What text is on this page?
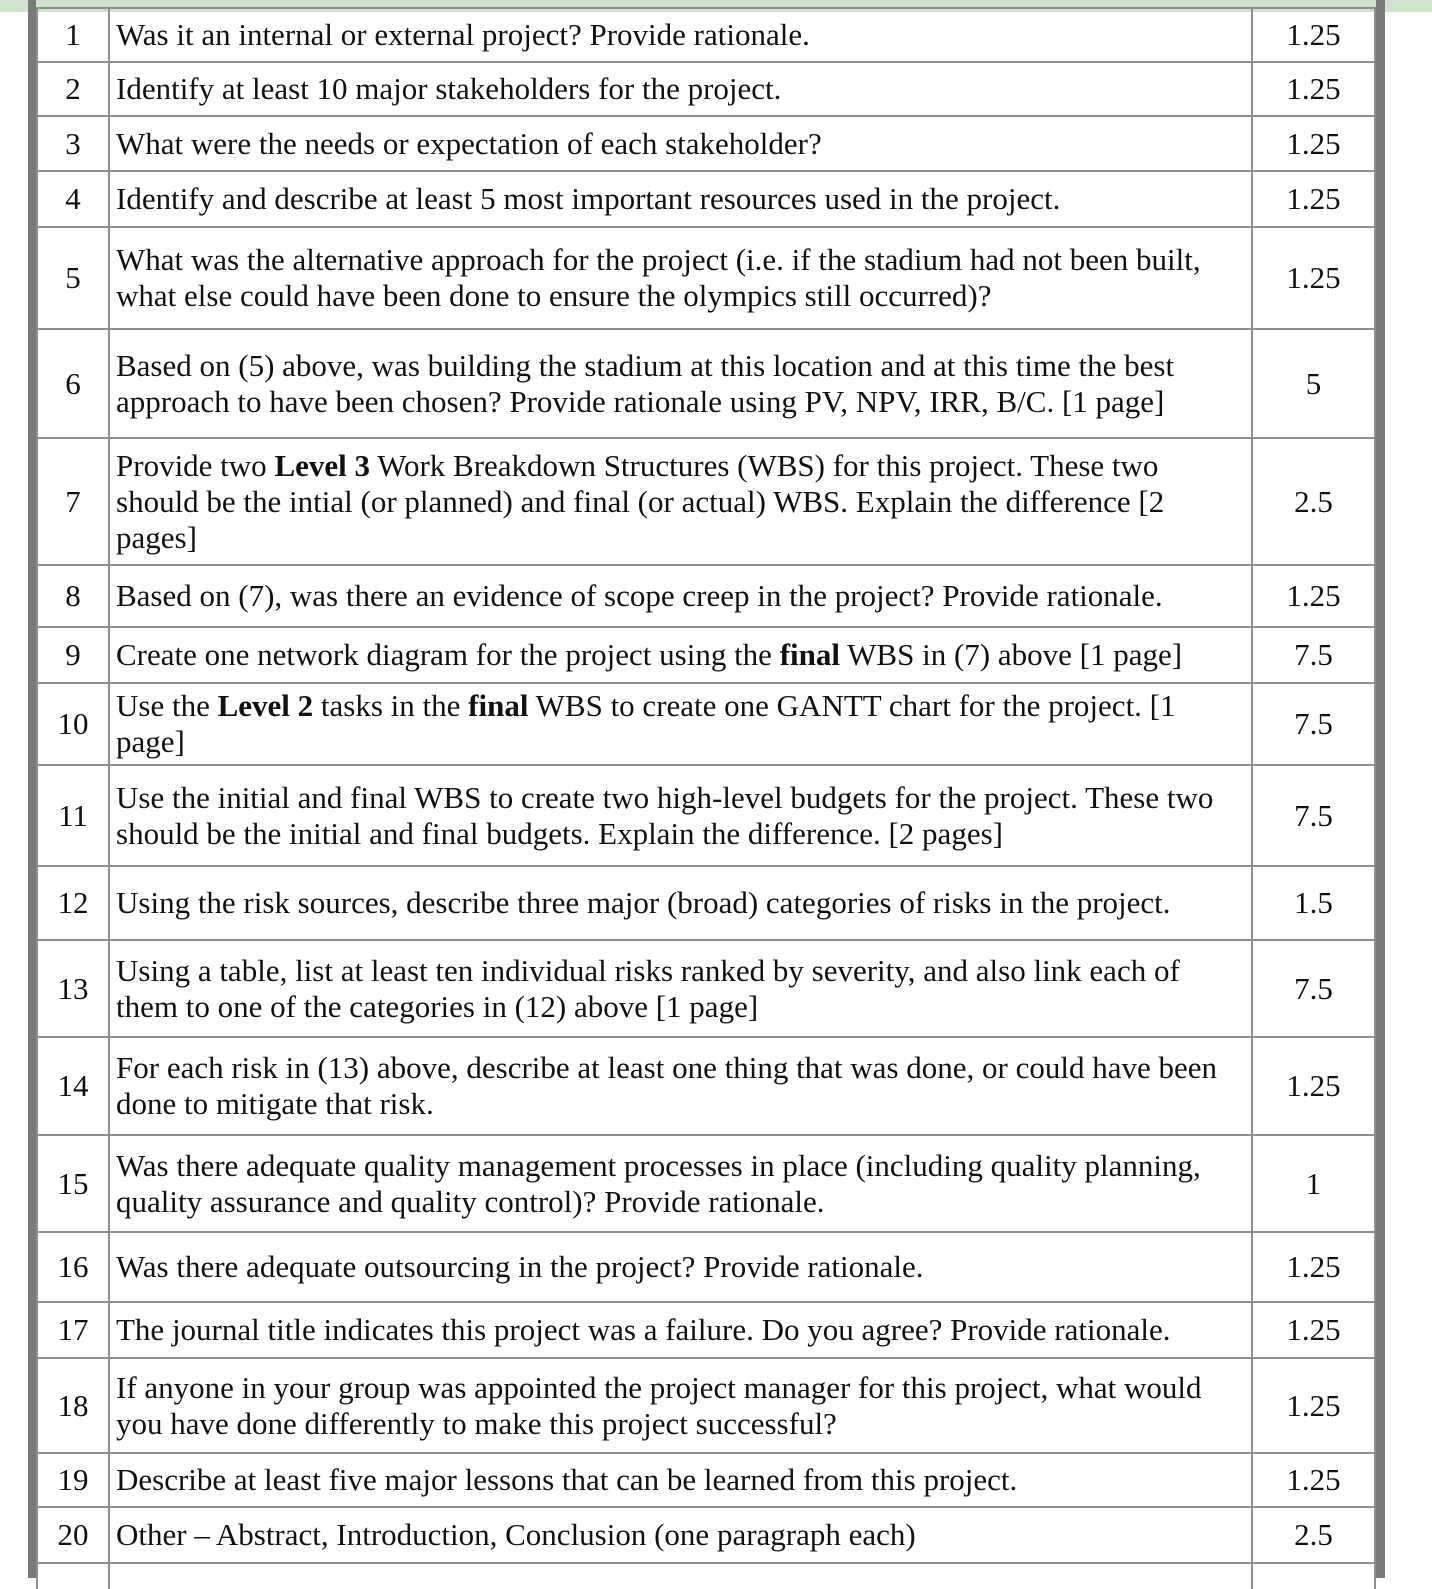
1	Was it an internal or external project? Provide rationale.	1.25
2	Identify at least 10 major stakeholders for the project.	1.25
3	What were the needs or expectation of each stakeholder?	1.25
4	Identify and describe at least 5 most important resources used in the project.	1.25
5	What was the alternative approach for the project (i.e. if the stadium had not been built, what else could have been done to ensure the olympics still occurred)?	1.25
6	Based on (5) above, was building the stadium at this location and at this time the best approach to have been chosen? Provide rationale using PV, NPV, IRR, B/C. [1 page]	5
7	Provide two Level 3 Work Breakdown Structures (WBS) for this project. These two should be the intial (or planned) and final (or actual) WBS. Explain the difference [2 pages]	2.5
8	Based on (7), was there an evidence of scope creep in the project? Provide rationale.	1.25
9	Create one network diagram for the project using the final WBS in (7) above [1 page]	7.5
10	Use the Level 2 tasks in the final WBS to create one GANTT chart for the project. [1 page]	7.5
11	Use the initial and final WBS to create two high-level budgets for the project. These two should be the initial and final budgets. Explain the difference. [2 pages]	7.5
12	Using the risk sources, describe three major (broad) categories of risks in the project.	1.5
13	Using a table, list at least ten individual risks ranked by severity, and also link each of them to one of the categories in (12) above [1 page]	7.5
14	For each risk in (13) above, describe at least one thing that was done, or could have been done to mitigate that risk.	1.25
15	Was there adequate quality management processes in place (including quality planning, quality assurance and quality control)? Provide rationale.	1
16	Was there adequate outsourcing in the project? Provide rationale.	1.25
17	The journal title indicates this project was a failure. Do you agree? Provide rationale.	1.25
18	If anyone in your group was appointed the project manager for this project, what would you have done differently to make this project successful?	1.25
19	Describe at least five major lessons that can be learned from this project.	1.25
20	Other – Abstract, Introduction, Conclusion (one paragraph each)	2.5
